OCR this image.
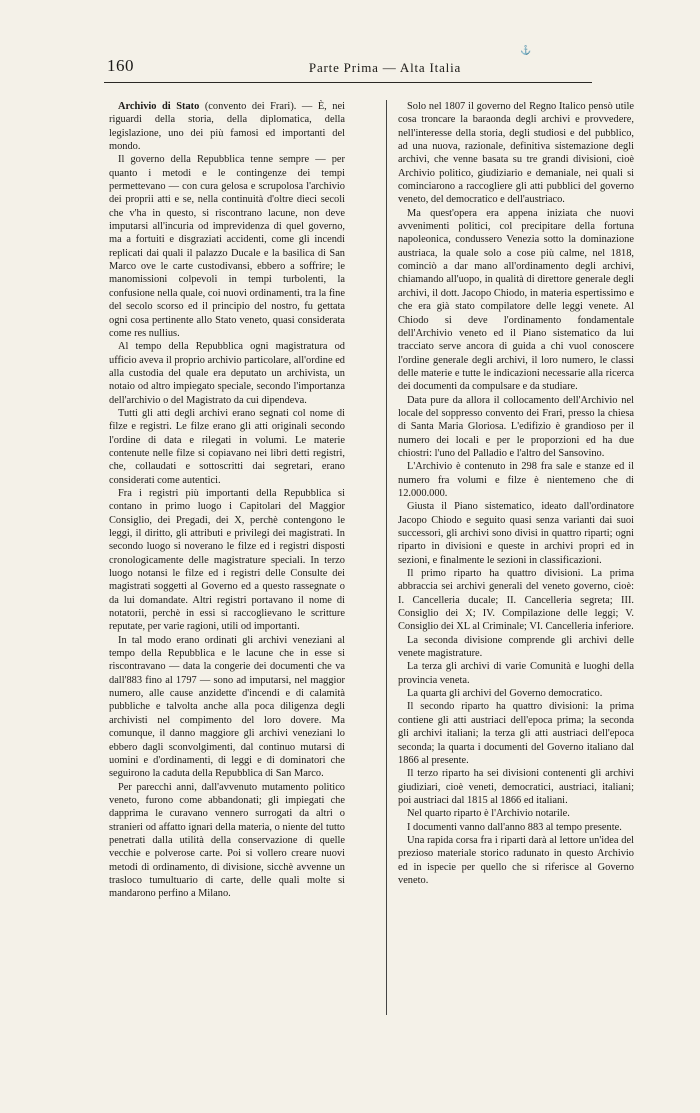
⚓
160	Parte Prima — Alta Italia

Archivio di Stato (convento dei Frari). — È, nei riguardi della storia, della diplomatica, della legislazione, uno dei più famosi ed importanti del mondo.

Il governo della Repubblica tenne sempre — per quanto i metodi e le contingenze dei tempi permettevano — con cura gelosa e scrupolosa l'archivio dei proprii atti e se, nella continuità d'oltre dieci secoli che v'ha in questo, si riscontrano lacune, non deve imputarsi all'incuria od imprevidenza di quel governo, ma a fortuiti e disgraziati accidenti, come gli incendi replicati dai quali il palazzo Ducale e la basilica di San Marco ove le carte custodivansi, ebbero a soffrire; le manomissioni colpevoli in tempi turbolenti, la confusione nella quale, coi nuovi ordinamenti, tra la fine del secolo scorso ed il principio del nostro, fu gettata ogni cosa pertinente allo Stato veneto, quasi considerata come res nullius.

Al tempo della Repubblica ogni magistratura od ufficio aveva il proprio archivio particolare, all'ordine ed alla custodia del quale era deputato un archivista, un notaio od altro impiegato speciale, secondo l'importanza dell'archivio o del Magistrato da cui dipendeva.

Tutti gli atti degli archivi erano segnati col nome di filze e registri. Le filze erano gli atti originali secondo l'ordine di data e rilegati in volumi. Le materie contenute nelle filze si copiavano nei libri detti registri, che, collaudati e sottoscritti dai segretari, erano considerati come autentici.

Fra i registri più importanti della Repubblica si contano in primo luogo i Capitolari del Maggior Consiglio, dei Pregadi, dei X, perchè contengono le leggi, il diritto, gli attributi e privilegi dei magistrati. In secondo luogo si noverano le filze ed i registri disposti cronologicamente delle magistrature speciali. In terzo luogo notansi le filze ed i registri delle Consulte dei magistrati soggetti al Governo ed a questo rassegnate o da lui domandate. Altri registri portavano il nome di notatorii, perchè in essi si raccoglievano le scritture reputate, per varie ragioni, utili od importanti.

In tal modo erano ordinati gli archivi veneziani al tempo della Repubblica e le lacune che in esse si riscontravano — data la congerie dei documenti che va dall'883 fino al 1797 — sono ad imputarsi, nel maggior numero, alle cause anzidette d'incendi e di calamità pubbliche e talvolta anche alla poca diligenza degli archivisti nel compimento del loro dovere. Ma comunque, il danno maggiore gli archivi veneziani lo ebbero dagli sconvolgimenti, dal continuo mutarsi di uomini e d'ordinamenti, di leggi e di dominatori che seguirono la caduta della Repubblica di San Marco.

Per parecchi anni, dall'avvenuto mutamento politico veneto, furono come abbandonati; gli impiegati che dapprima le curavano vennero surrogati da altri o stranieri od affatto ignari della materia, o niente del tutto penetrati dalla utilità della conservazione di quelle vecchie e polverose carte. Poi si vollero creare nuovi metodi di ordinamento, di divisione, sicchè avvenne un trasloco tumultuario di carte, delle quali molte si mandarono perfino a Milano.

Solo nel 1807 il governo del Regno Italico pensò utile cosa troncare la baraonda degli archivi e provvedere, nell'interesse della storia, degli studiosi e del pubblico, ad una nuova, razionale, definitiva sistemazione degli archivi, che venne basata su tre grandi divisioni, cioè Archivio politico, giudiziario e demaniale, nei quali si cominciarono a raccogliere gli atti pubblici del governo veneto, del democratico e dell'austriaco.

Ma quest'opera era appena iniziata che nuovi avvenimenti politici, col precipitare della fortuna napoleonica, condussero Venezia sotto la dominazione austriaca, la quale solo a cose più calme, nel 1818, cominciò a dar mano all'ordinamento degli archivi, chiamando all'uopo, in qualità di direttore generale degli archivi, il dott. Jacopo Chiodo, in materia espertissimo e che era già stato compilatore delle leggi venete. Al Chiodo si deve l'ordinamento fondamentale dell'Archivio veneto ed il Piano sistematico da lui tracciato serve ancora di guida a chi vuol conoscere l'ordine generale degli archivi, il loro numero, le classi delle materie e tutte le indicazioni necessarie alla ricerca dei documenti da compulsare e da studiare.

Data pure da allora il collocamento dell'Archivio nel locale del soppresso convento dei Frari, presso la chiesa di Santa Maria Gloriosa. L'edifizio è grandioso per il numero dei locali e per le proporzioni ed ha due chiostri: l'uno del Palladio e l'altro del Sansovino.

L'Archivio è contenuto in 298 fra sale e stanze ed il numero fra volumi e filze è nientemeno che di 12.000.000.

Giusta il Piano sistematico, ideato dall'ordinatore Jacopo Chiodo e seguito quasi senza varianti dai suoi successori, gli archivi sono divisi in quattro riparti; ogni riparto in divisioni e queste in archivi propri ed in sezioni, e finalmente le sezioni in classificazioni.

Il primo riparto ha quattro divisioni. La prima abbraccia sei archivi generali del veneto governo, cioè: I. Cancelleria ducale; II. Cancelleria segreta; III. Consiglio dei X; IV. Compilazione delle leggi; V. Consiglio dei XL al Criminale; VI. Cancelleria inferiore.

La seconda divisione comprende gli archivi delle venete magistrature.

La terza gli archivi di varie Comunità e luoghi della provincia veneta.

La quarta gli archivi del Governo democratico.

Il secondo riparto ha quattro divisioni: la prima contiene gli atti austriaci dell'epoca prima; la seconda gli archivi italiani; la terza gli atti austriaci dell'epoca seconda; la quarta i documenti del Governo italiano dal 1866 al presente.

Il terzo riparto ha sei divisioni contenenti gli archivi giudiziari, cioè veneti, democratici, austriaci, italiani; poi austriaci dal 1815 al 1866 ed italiani.

Nel quarto riparto è l'Archivio notarile.

I documenti vanno dall'anno 883 al tempo presente.

Una rapida corsa fra i riparti darà al lettore un'idea del prezioso materiale storico radunato in questo Archivio ed in ispecie per quello che si riferisce al Governo veneto.
